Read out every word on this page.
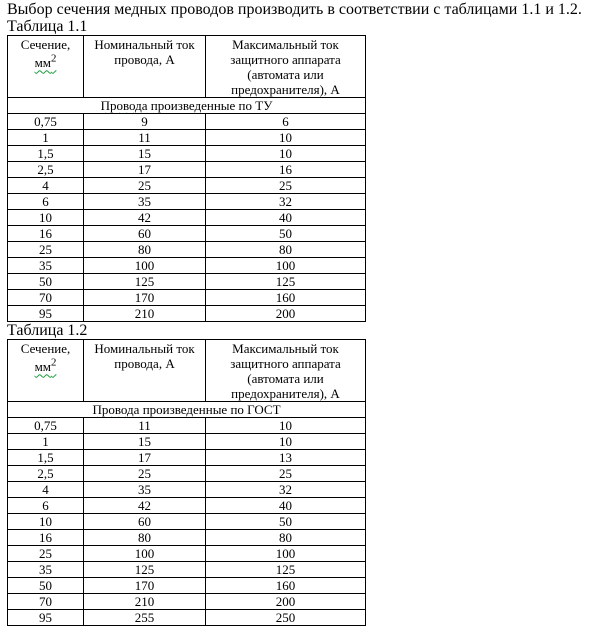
Выбор сечения медных проводов производить в соответствии с таблицами 1.1 и 1.2.
Таблица 1.1
Сечение,
$мм^2$	Номинальный ток провода, А	Максимальный ток защитного аппарата (автомата или предохранителя), А
Провода произведенные по ТУ		
0,75	9	6
1	11	10
1,5	15	10
2,5	17	16
4	25	25
6	35	32
10	42	40
16	60	50
25	80	80
35	100	100
50	125	125
70	170	160
95	210	200
Таблица 1.2
Сечение,
$мм^2$	Номинальный ток провода, А	Максимальный ток защитного аппарата (автомата или предохранителя), А
Провода произведенные по ГОСТ		
0,75	11	10
1	15	10
1,5	17	13
2,5	25	25
4	35	32
6	42	40
10	60	50
16	80	80
25	100	100
35	125	125
50	170	160
70	210	200
95	255	250
